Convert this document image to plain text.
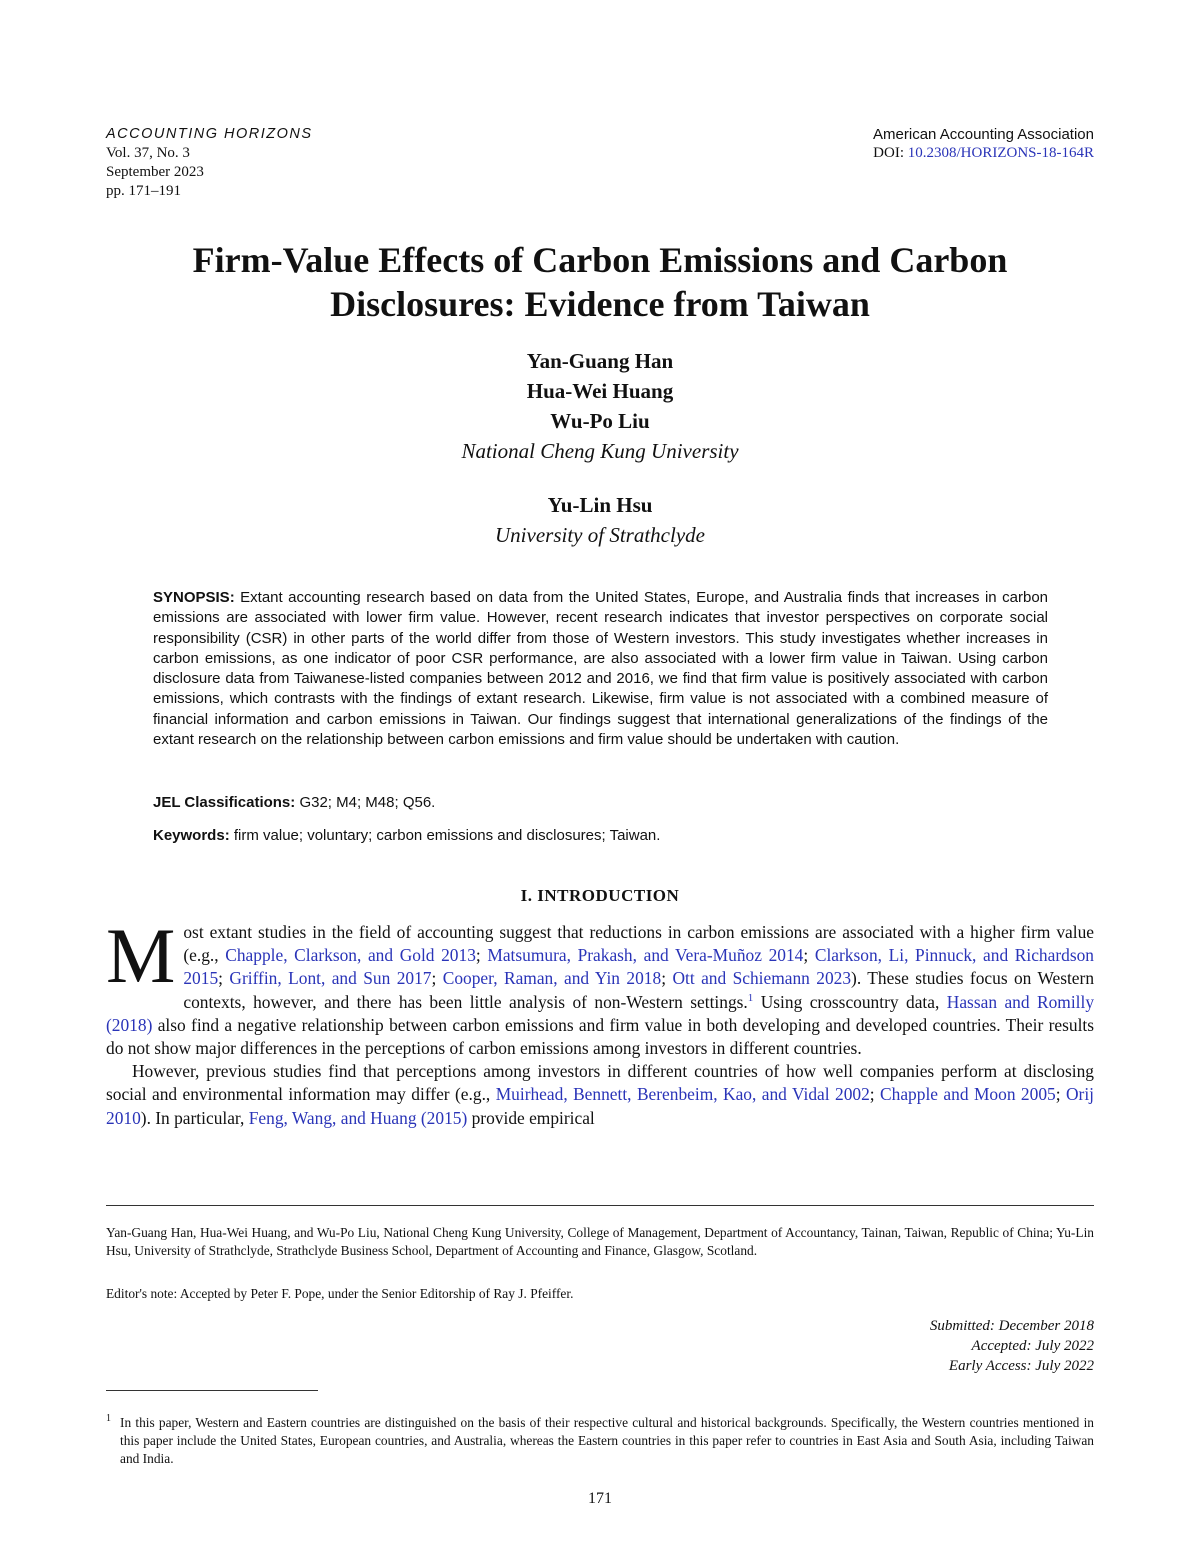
ACCOUNTING HORIZONS
Vol. 37, No. 3
September 2023
pp. 171–191
American Accounting Association
DOI: 10.2308/HORIZONS-18-164R
Firm-Value Effects of Carbon Emissions and Carbon
Disclosures: Evidence from Taiwan
Yan-Guang Han
Hua-Wei Huang
Wu-Po Liu
National Cheng Kung University
Yu-Lin Hsu
University of Strathclyde
SYNOPSIS: Extant accounting research based on data from the United States, Europe, and Australia finds that increases in carbon emissions are associated with lower firm value. However, recent research indicates that investor perspectives on corporate social responsibility (CSR) in other parts of the world differ from those of Western investors. This study investigates whether increases in carbon emissions, as one indicator of poor CSR performance, are also associated with a lower firm value in Taiwan. Using carbon disclosure data from Taiwanese-listed companies between 2012 and 2016, we find that firm value is positively associated with carbon emissions, which contrasts with the findings of extant research. Likewise, firm value is not associated with a combined measure of financial information and carbon emissions in Taiwan. Our findings suggest that international generalizations of the findings of the extant research on the relationship between carbon emissions and firm value should be undertaken with caution.
JEL Classifications: G32; M4; M48; Q56.
Keywords: firm value; voluntary; carbon emissions and disclosures; Taiwan.
I. INTRODUCTION

Most extant studies in the field of accounting suggest that reductions in carbon emissions are associated with a higher firm value (e.g., Chapple, Clarkson, and Gold 2013; Matsumura, Prakash, and Vera-Muñoz 2014; Clarkson, Li, Pinnuck, and Richardson 2015; Griffin, Lont, and Sun 2017; Cooper, Raman, and Yin 2018; Ott and Schiemann 2023). These studies focus on Western contexts, however, and there has been little analysis of non-Western settings.$^1$ Using crosscountry data, Hassan and Romilly (2018) also find a negative relationship between carbon emissions and firm value in both developing and developed countries. Their results do not show major differences in the perceptions of carbon emissions among investors in different countries.

However, previous studies find that perceptions among investors in different countries of how well companies perform at disclosing social and environmental information may differ (e.g., Muirhead, Bennett, Berenbeim, Kao, and Vidal 2002; Chapple and Moon 2005; Orij 2010). In particular, Feng, Wang, and Huang (2015) provide empirical

Yan-Guang Han, Hua-Wei Huang, and Wu-Po Liu, National Cheng Kung University, College of Management, Department of Accountancy, Tainan, Taiwan, Republic of China; Yu-Lin Hsu, University of Strathclyde, Strathclyde Business School, Department of Accounting and Finance, Glasgow, Scotland.
Editor's note: Accepted by Peter F. Pope, under the Senior Editorship of Ray J. Pfeiffer.
Submitted: December 2018
Accepted: July 2022
Early Access: July 2022
1 In this paper, Western and Eastern countries are distinguished on the basis of their respective cultural and historical backgrounds. Specifically, the Western countries mentioned in this paper include the United States, European countries, and Australia, whereas the Eastern countries in this paper refer to countries in East Asia and South Asia, including Taiwan and India.
171
